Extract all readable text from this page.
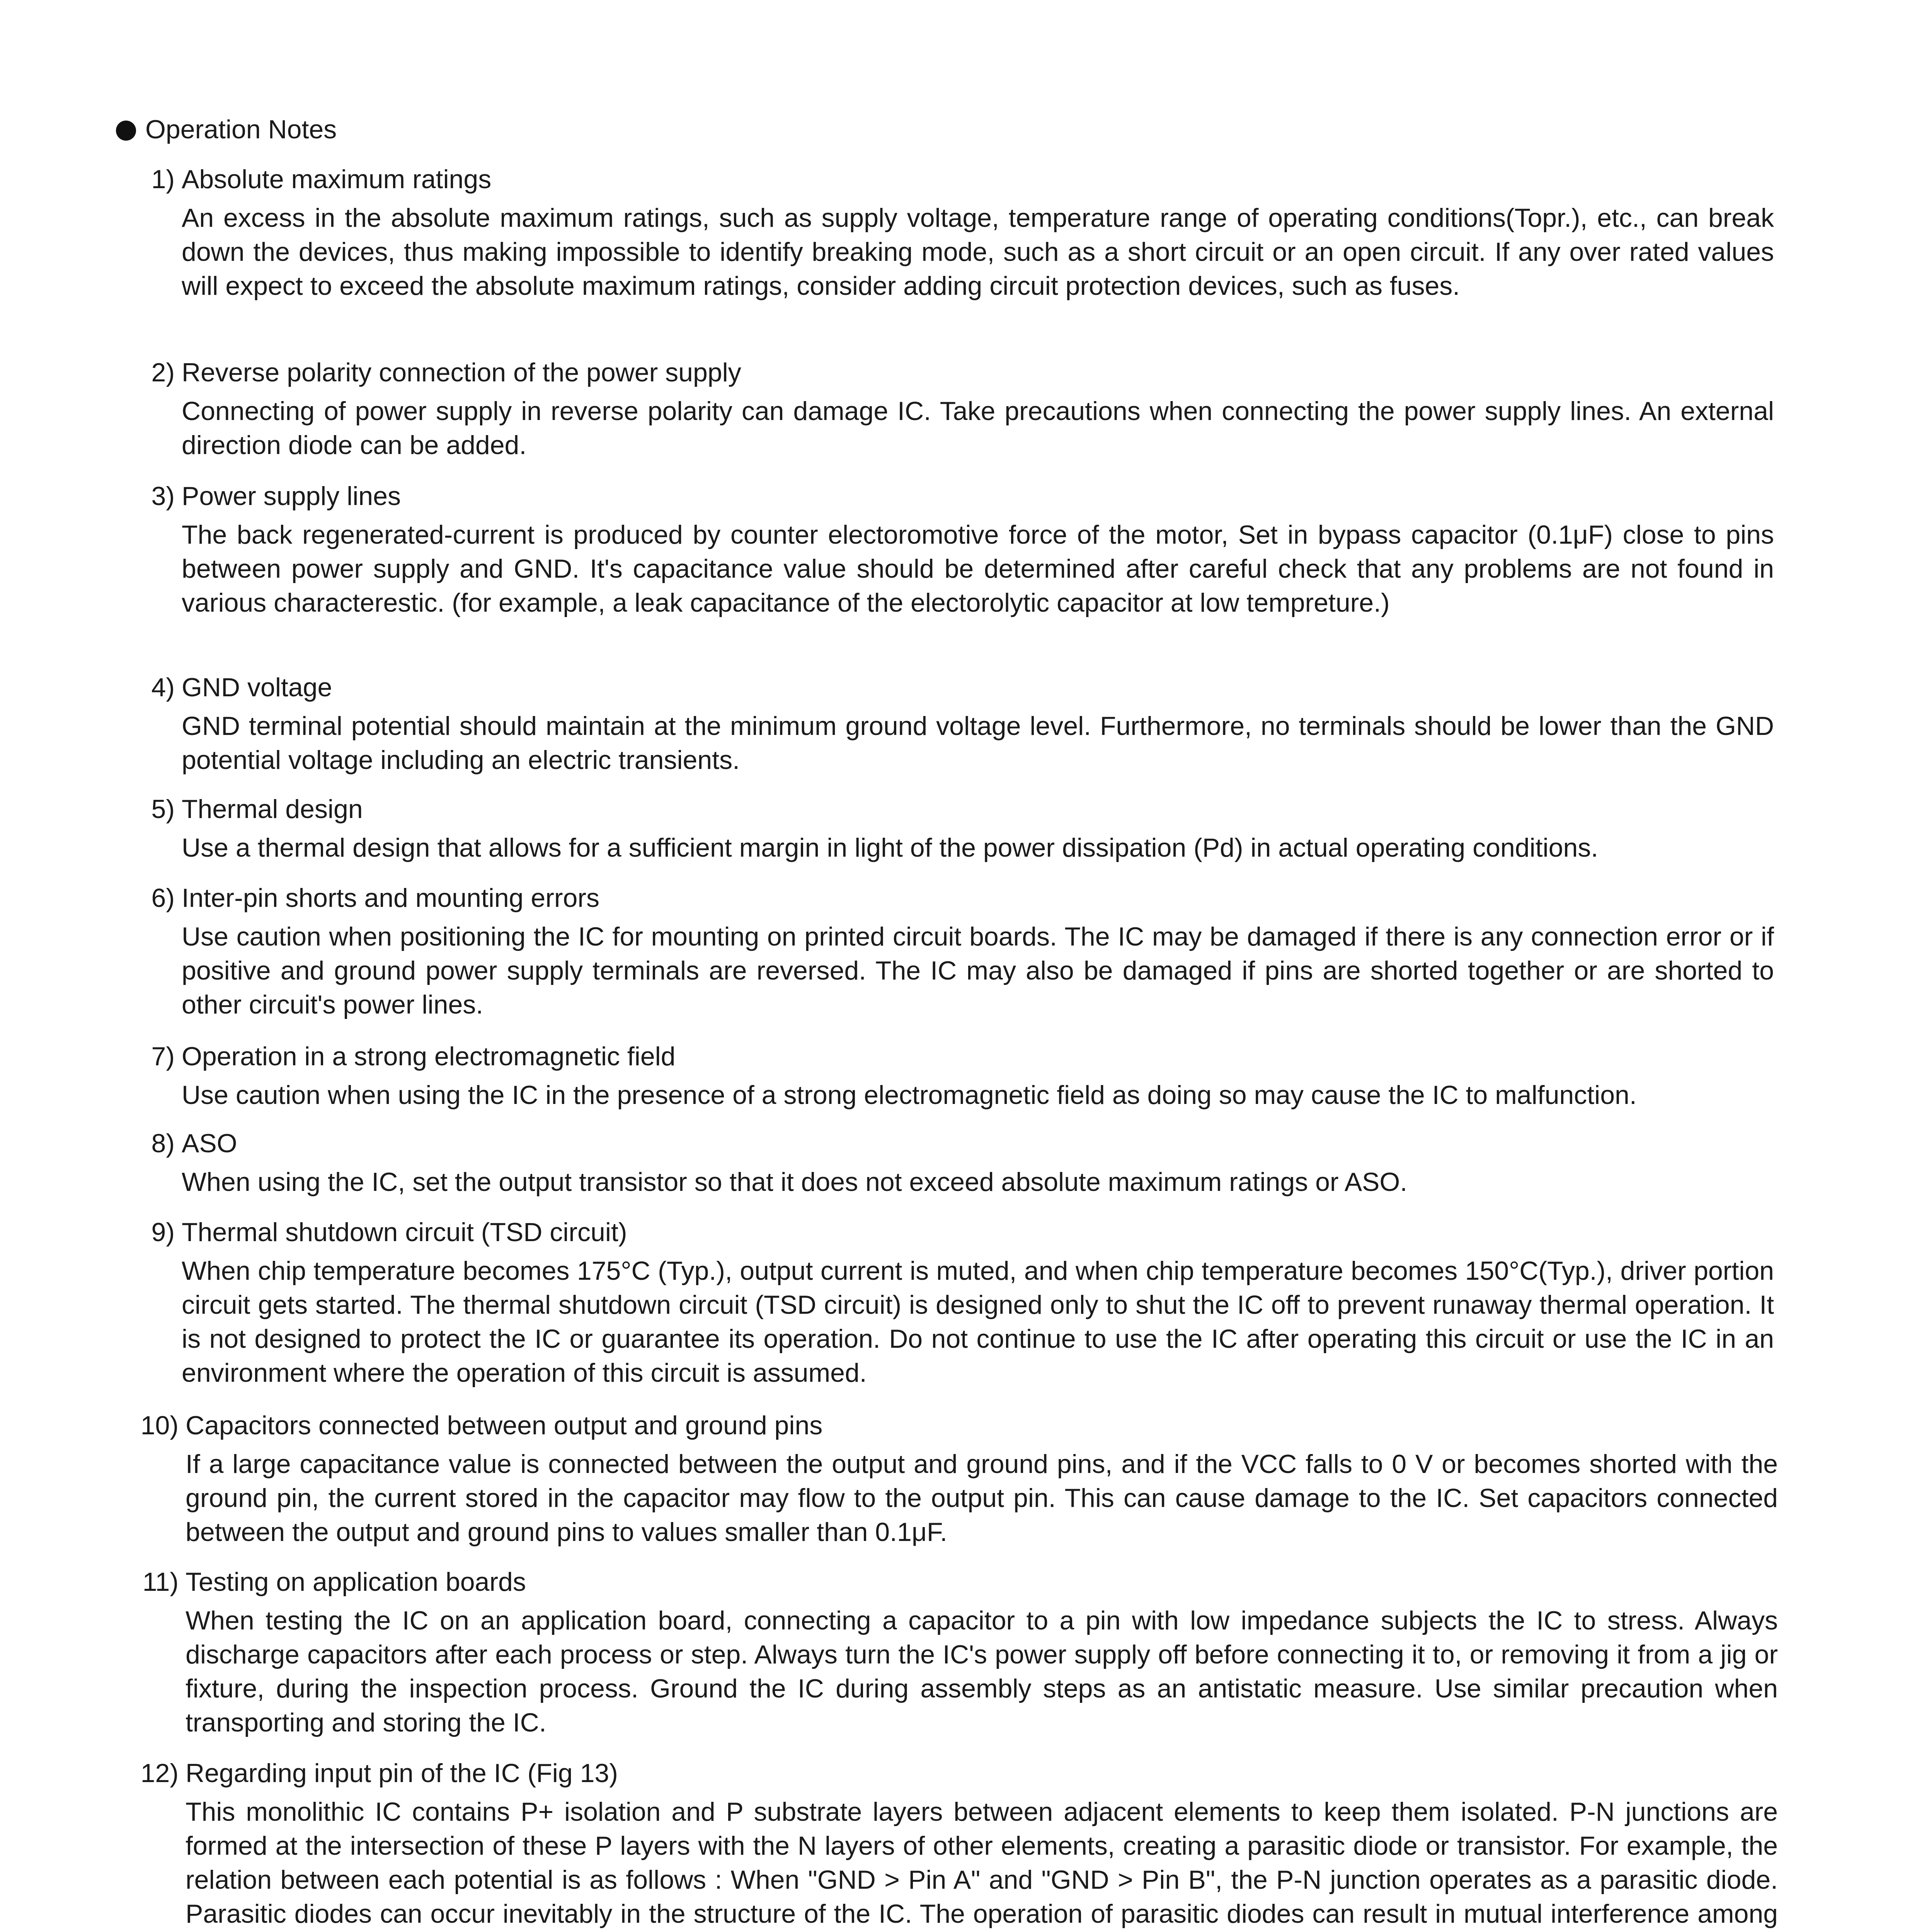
Operation Notes
1) Absolute maximum ratings
An excess in the absolute maximum ratings, such as supply voltage, temperature range of operating conditions(Topr.), etc., can break down the devices, thus making impossible to identify breaking mode, such as a short circuit or an open circuit. If any over rated values will expect to exceed the absolute maximum ratings, consider adding circuit protection devices, such as fuses.
2) Reverse polarity connection of the power supply
Connecting of power supply in reverse polarity can damage IC. Take precautions when connecting the power supply lines. An external direction diode can be added.
3) Power supply lines
The back regenerated-current is produced by counter electoromotive force of the motor, Set in bypass capacitor (0.1μF) close to pins between power supply and GND. It's capacitance value should be determined after careful check that any problems are not found in various characterestic. (for example, a leak capacitance of the electorolytic capacitor at low tempreture.)
4) GND voltage
GND terminal potential should maintain at the minimum ground voltage level. Furthermore, no terminals should be lower than the GND potential voltage including an electric transients.
5) Thermal design
Use a thermal design that allows for a sufficient margin in light of the power dissipation (Pd) in actual operating conditions.
6) Inter-pin shorts and mounting errors
Use caution when positioning the IC for mounting on printed circuit boards. The IC may be damaged if there is any connection error or if positive and ground power supply terminals are reversed. The IC may also be damaged if pins are shorted together or are shorted to other circuit's power lines.
7) Operation in a strong electromagnetic field
Use caution when using the IC in the presence of a strong electromagnetic field as doing so may cause the IC to malfunction.
8) ASO
When using the IC, set the output transistor so that it does not exceed absolute maximum ratings or ASO.
9) Thermal shutdown circuit (TSD circuit)
When chip temperature becomes 175°C (Typ.), output current is muted, and when chip temperature becomes 150°C(Typ.), driver portion circuit gets started. The thermal shutdown circuit (TSD circuit) is designed only to shut the IC off to prevent runaway thermal operation. It is not designed to protect the IC or guarantee its operation. Do not continue to use the IC after operating this circuit or use the IC in an environment where the operation of this circuit is assumed.
10) Capacitors connected between output and ground pins
If a large capacitance value is connected between the output and ground pins, and if the VCC falls to 0 V or becomes shorted with the ground pin, the current stored in the capacitor may flow to the output pin. This can cause damage to the IC. Set capacitors connected between the output and ground pins to values smaller than 0.1μF.
11) Testing on application boards
When testing the IC on an application board, connecting a capacitor to a pin with low impedance subjects the IC to stress. Always discharge capacitors after each process or step. Always turn the IC's power supply off before connecting it to, or removing it from a jig or fixture, during the inspection process. Ground the IC during assembly steps as an antistatic measure. Use similar precaution when transporting and storing the IC.
12) Regarding input pin of the IC (Fig 13)
This monolithic IC contains P+ isolation and P substrate layers between adjacent elements to keep them isolated. P-N junctions are formed at the intersection of these P layers with the N layers of other elements, creating a parasitic diode or transistor. For example, the relation between each potential is as follows : When "GND > Pin A" and "GND > Pin B", the P-N junction operates as a parasitic diode. Parasitic diodes can occur inevitably in the structure of the IC. The operation of parasitic diodes can result in mutual interference among
